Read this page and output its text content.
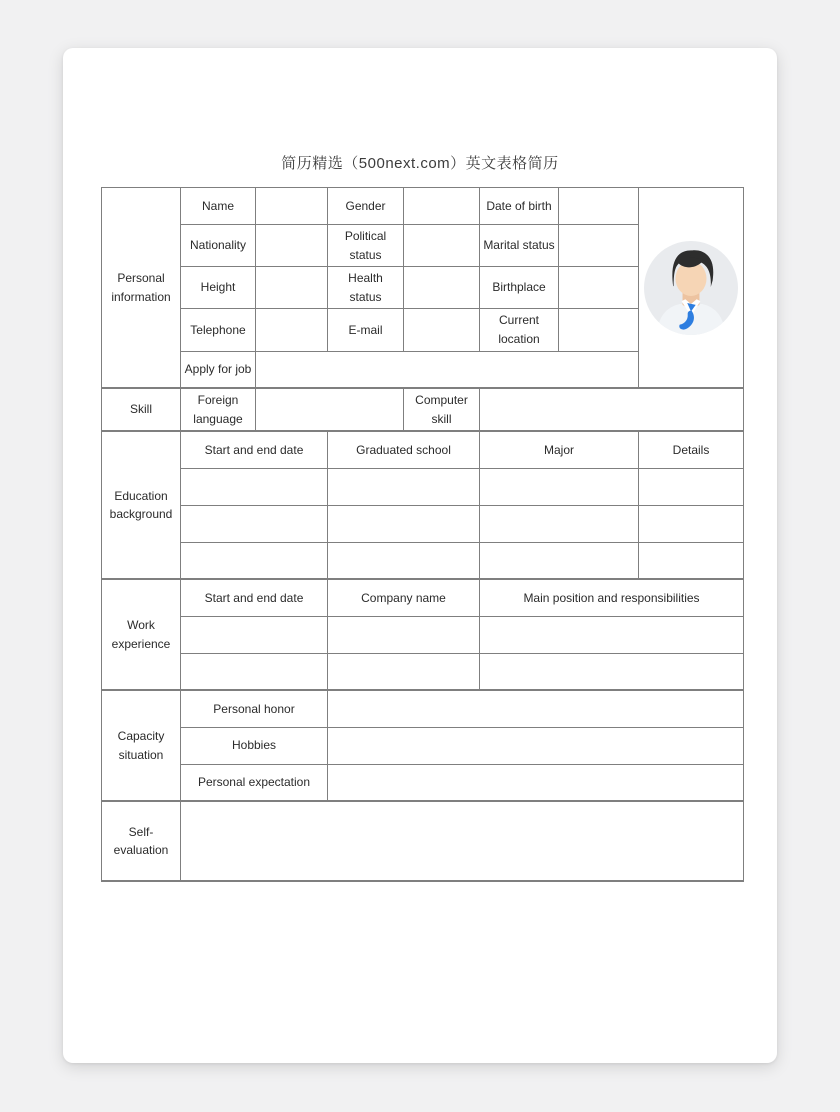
简历精选（500next.com）英文表格简历
Personal information	Name		Gender		Date of birth		

	Nationality		Political status		Marital status		
	Height		Health status		Birthplace		
	Telephone		E-mail		Current location		
	Apply for job						
Skill	Foreign language			Computer skill			
Education background	Start and end date		Graduated school		Major		Details

Work experience	Start and end date		Company name		Main position and responsibilities		

Capacity situation	Personal honor						
	Hobbies						
	Personal expectation						
Self-evaluation							
